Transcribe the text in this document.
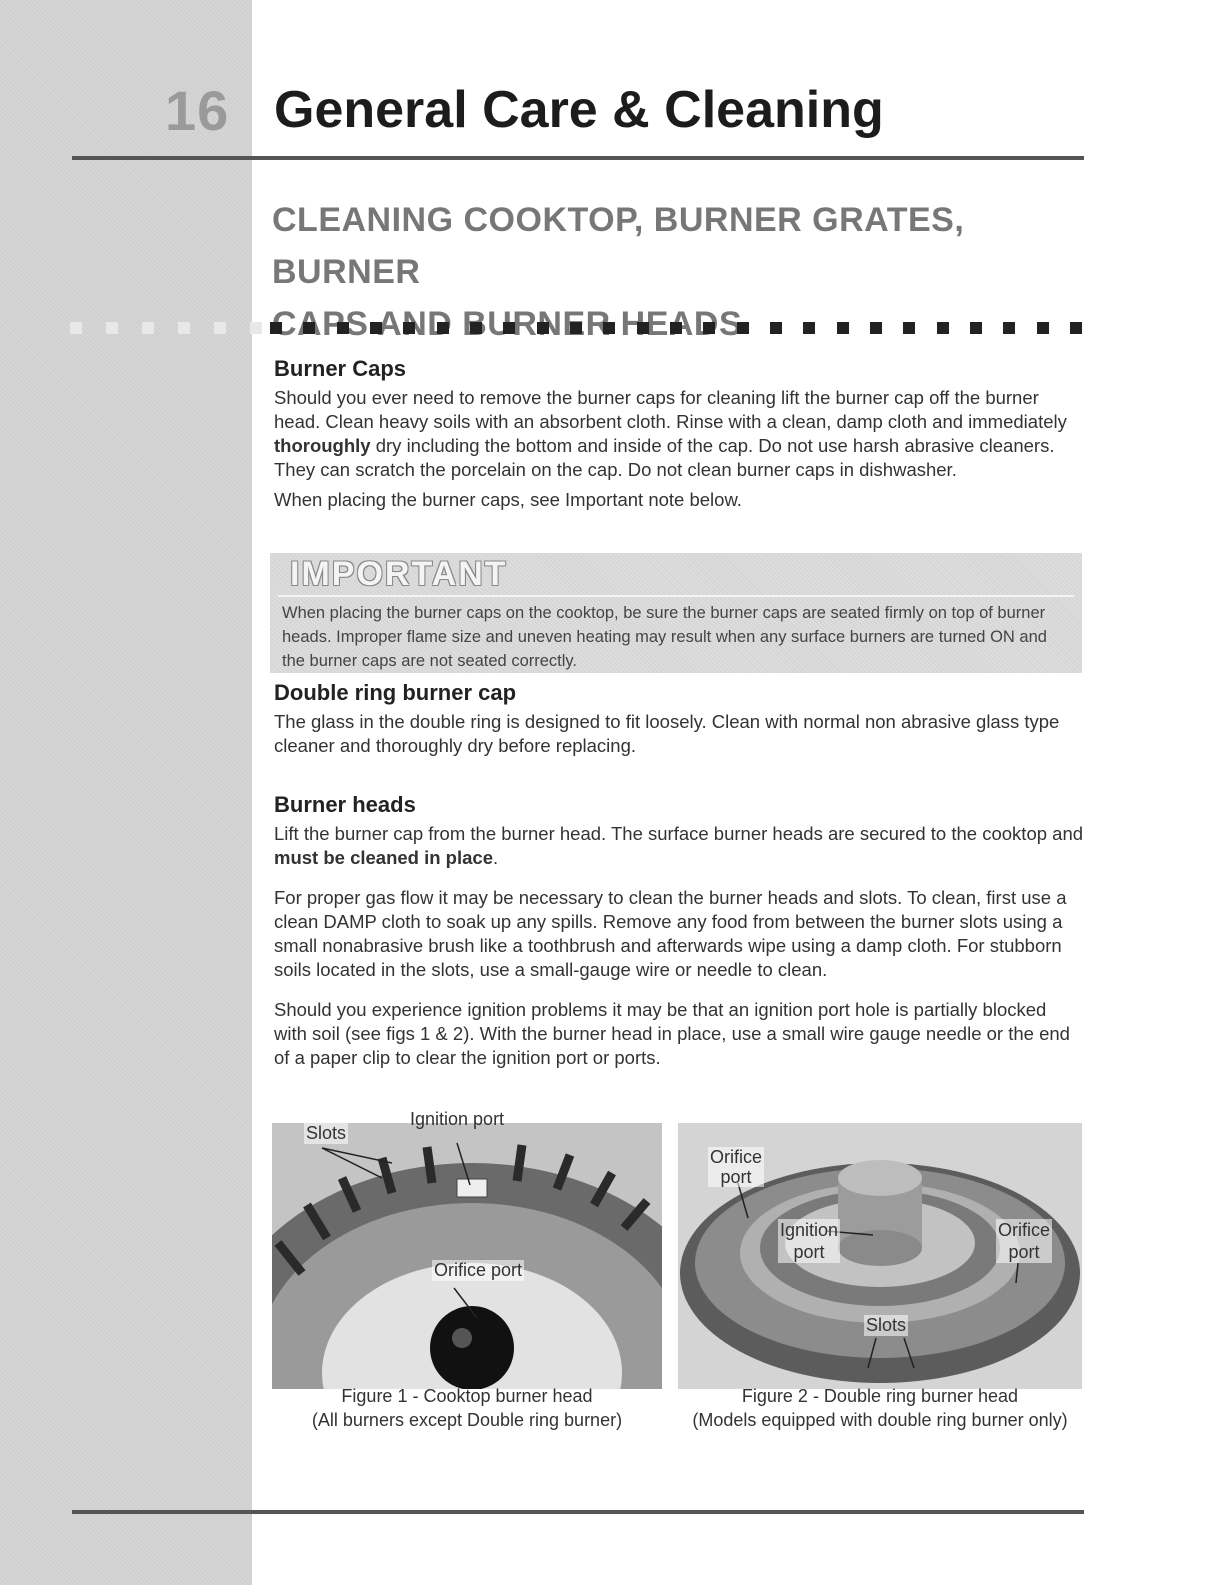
16 General Care & Cleaning
CLEANING COOKTOP, BURNER GRATES, BURNER
CAPS
Burner Caps

Should you ever need to remove the burner caps for cleaning lift the burner cap off the burner head. Clean heavy soils with an absorbent cloth. Rinse with a clean, damp cloth and immediately thoroughly dry including the bottom and inside of the cap. Do not use harsh abrasive cleaners. They can scratch the porcelain on the cap. Do not clean burner caps in dishwasher.

When placing the burner caps, see Important note below.

IMPORTANT
When placing the burner caps on the cooktop, be sure the burner caps are seated firmly on top of burner heads. Improper flame size and uneven heating may result when any surface burners are turned ON and the burner caps are not seated correctly.
Double ring burner cap

The glass in the double ring is designed to fit loosely. Clean with normal non abrasive glass type cleaner and thoroughly dry before replacing.

Burner heads

Lift the burner cap from the burner head. The surface burner heads are secured to the cooktop and must be cleaned in place.

For proper gas flow it may be necessary to clean the burner heads and slots. To clean, first use a clean DAMP cloth to soak up any spills. Remove any food from between the burner slots using a small nonabrasive brush like a toothbrush and afterwards wipe using a damp cloth. For stubborn soils located in the slots, use a small-gauge wire or needle to clean.

Should you experience ignition problems it may be that an ignition port hole is partially blocked with soil (see figs 1 & 2). With the burner head in place, use a small wire gauge needle or the end of a paper clip to clear the ignition port or ports.

Slots
Orifice port
Ignition port
Orifice
port
Ignition
port
Orifice
port
Slots
Figure 1 - Cooktop burner head
(All burners except Double ring burner)
Figure 2 - Double ring burner head
(Models equipped with double ring burner only)
